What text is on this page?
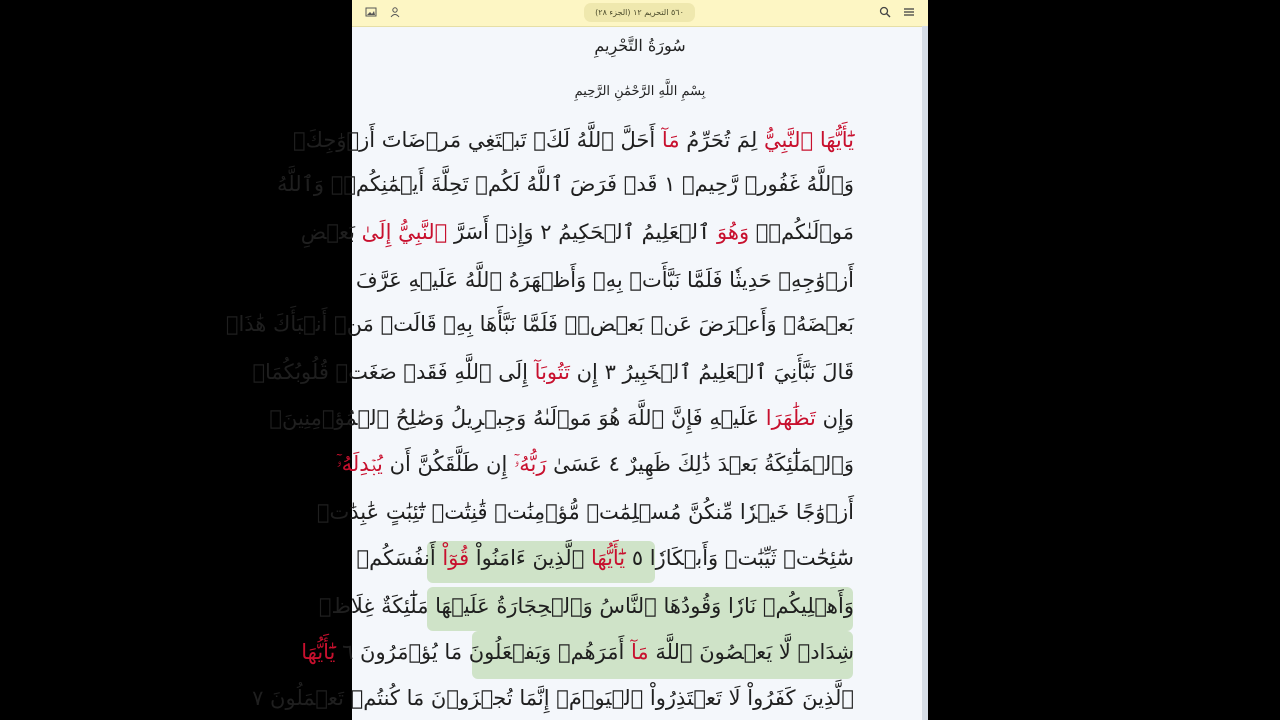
٥٦٠ التحريم ١٢ (الجزء ٢٨)
سُورَةُ التَّحْرِيمِ
بِسْمِ اللَّهِ الرَّحْمَٰنِ الرَّحِيمِ
يَٰٓأَيُّهَا ٱلنَّبِيُّ لِمَ تُحَرِّمُ مَآ أَحَلَّ ٱللَّهُ لَكَۖ تَبۡتَغِي مَرۡضَاتَ أَزۡوَٰجِكَۚ
وَٱللَّهُ غَفُورٞ رَّحِيمٞ ١ قَدۡ فَرَضَ ٱللَّهُ لَكُمۡ تَحِلَّةَ أَيۡمَٰنِكُمۡۚ وَٱللَّهُ
مَوۡلَىٰكُمۡۖ وَهُوَ ٱلۡعَلِيمُ ٱلۡحَكِيمُ ٢ وَإِذۡ أَسَرَّ ٱلنَّبِيُّ إِلَىٰ بَعۡضِ
أَزۡوَٰجِهِۦ حَدِيثٗا فَلَمَّا نَبَّأَتۡ بِهِۦ وَأَظۡهَرَهُ ٱللَّهُ عَلَيۡهِ عَرَّفَ
بَعۡضَهُۥ وَأَعۡرَضَ عَنۢ بَعۡضٖۖ فَلَمَّا نَبَّأَهَا بِهِۦ قَالَتۡ مَنۡ أَنۢبَأَكَ هَٰذَاۖ
قَالَ نَبَّأَنِيَ ٱلۡعَلِيمُ ٱلۡخَبِيرُ ٣ إِن تَتُوبَآ إِلَى ٱللَّهِ فَقَدۡ صَغَتۡ قُلُوبُكُمَاۖ
وَإِن تَظَٰهَرَا عَلَيۡهِ فَإِنَّ ٱللَّهَ هُوَ مَوۡلَىٰهُ وَجِبۡرِيلُ وَصَٰلِحُ ٱلۡمُؤۡمِنِينَۖ
وَٱلۡمَلَٰٓئِكَةُ بَعۡدَ ذَٰلِكَ ظَهِيرٌ ٤ عَسَىٰ رَبُّهُۥٓ إِن طَلَّقَكُنَّ أَن يُبۡدِلَهُۥٓ
أَزۡوَٰجًا خَيۡرٗا مِّنكُنَّ مُسۡلِمَٰتٖ مُّؤۡمِنَٰتٖ قَٰنِتَٰتٖ تَٰٓئِبَٰتٍ عَٰبِدَٰتٖ
سَٰٓئِحَٰتٖ ثَيِّبَٰتٖ وَأَبۡكَارٗا ٥ يَٰٓأَيُّهَا ٱلَّذِينَ ءَامَنُواْ قُوٓاْ أَنفُسَكُمۡ
وَأَهۡلِيكُمۡ نَارٗا وَقُودُهَا ٱلنَّاسُ وَٱلۡحِجَارَةُ عَلَيۡهَا مَلَٰٓئِكَةٌ غِلَاظٞ
شِدَادٞ لَّا يَعۡصُونَ ٱللَّهَ مَآ أَمَرَهُمۡ وَيَفۡعَلُونَ مَا يُؤۡمَرُونَ ٦ يَٰٓأَيُّهَا
ٱلَّذِينَ كَفَرُواْ لَا تَعۡتَذِرُواْ ٱلۡيَوۡمَۖ إِنَّمَا تُجۡزَوۡنَ مَا كُنتُمۡ تَعۡمَلُونَ ٧
